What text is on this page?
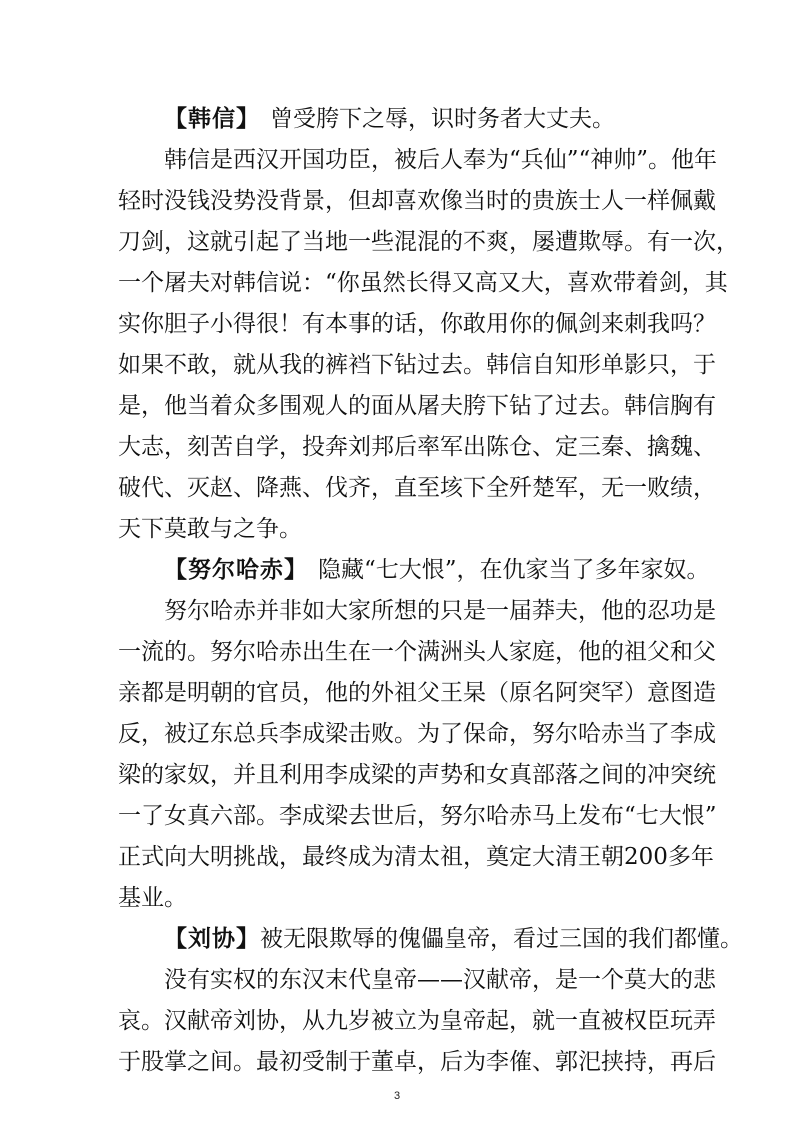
【韩信】 曾受胯下之辱，识时务者大丈夫。
韩信是西汉开国功臣，被后人奉为“兵仙”“神帅”。他年
轻时没钱没势没背景，但却喜欢像当时的贵族士人一样佩戴
刀剑，这就引起了当地一些混混的不爽，屡遭欺辱。有一次，
一个屠夫对韩信说：“你虽然长得又高又大，喜欢带着剑，其
实你胆子小得很！有本事的话，你敢用你的佩剑来刺我吗？
如果不敢，就从我的裤裆下钻过去。韩信自知形单影只，于
是，他当着众多围观人的面从屠夫胯下钻了过去。韩信胸有
大志，刻苦自学，投奔刘邦后率军出陈仓、定三秦、擒魏、
破代、灭赵、降燕、伐齐，直至垓下全歼楚军，无一败绩，
天下莫敢与之争。
【努尔哈赤】 隐藏“七大恨”，在仇家当了多年家奴。
努尔哈赤并非如大家所想的只是一届莽夫，他的忍功是
一流的。努尔哈赤出生在一个满洲头人家庭，他的祖父和父
亲都是明朝的官员，他的外祖父王杲（原名阿突罕）意图造
反，被辽东总兵李成梁击败。为了保命，努尔哈赤当了李成
梁的家奴，并且利用李成梁的声势和女真部落之间的冲突统
一了女真六部。李成梁去世后，努尔哈赤马上发布“七大恨”
正式向大明挑战，最终成为清太祖，奠定大清王朝200多年
基业。
【刘协】被无限欺辱的傀儡皇帝，看过三国的我们都懂。
没有实权的东汉末代皇帝——汉献帝，是一个莫大的悲
哀。汉献帝刘协，从九岁被立为皇帝起，就一直被权臣玩弄
于股掌之间。最初受制于董卓，后为李傕、郭汜挟持，再后
3
